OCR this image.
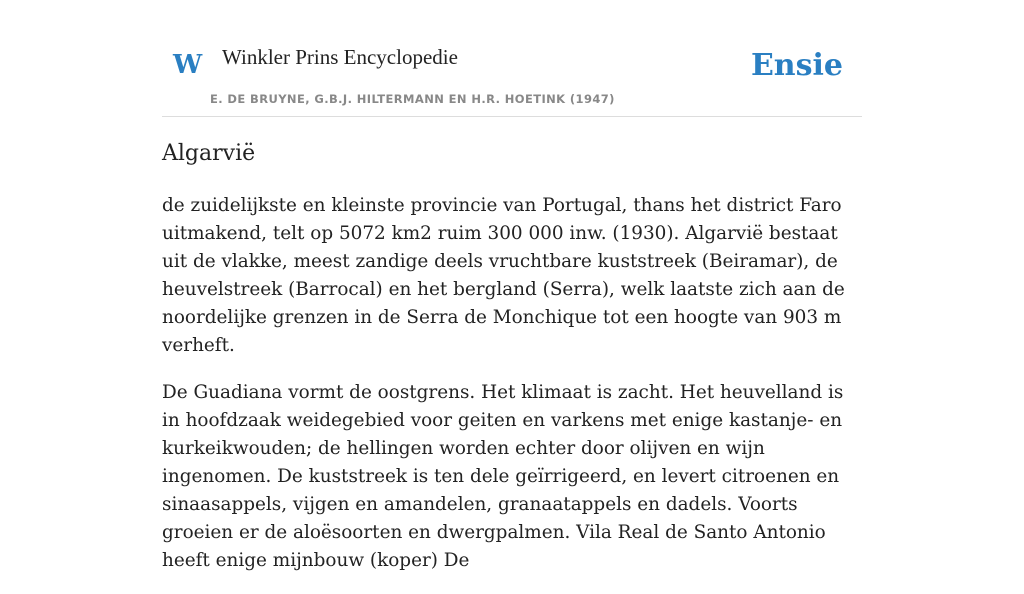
W Winkler Prins Encyclopedie
E. DE BRUYNE, G.B.J. HILTERMANN EN H.R. HOETINK (1947)
Ensie
Algarvië

de zuidelijkste en kleinste provincie van Portugal, thans het district Faro uitmakend, telt op 5072 km2 ruim 300 000 inw. (1930). Algarvië bestaat uit de vlakke, meest zandige deels vruchtbare kuststreek (Beiramar), de heuvelstreek (Barrocal) en het bergland (Serra), welk laatste zich aan de noordelijke grenzen in de Serra de Monchique tot een hoogte van 903 m verheft.

De Guadiana vormt de oostgrens. Het klimaat is zacht. Het heuvelland is in hoofdzaak weidegebied voor geiten en varkens met enige kastanje- en kurkeikwouden; de hellingen worden echter door olijven en wijn ingenomen. De kuststreek is ten dele geïrrigeerd, en levert citroenen en sinaasappels, vijgen en amandelen, granaatappels en dadels. Voorts groeien er de aloësoorten en dwergpalmen. Vila Real de Santo Antonio heeft enige mijnbouw (koper) De
